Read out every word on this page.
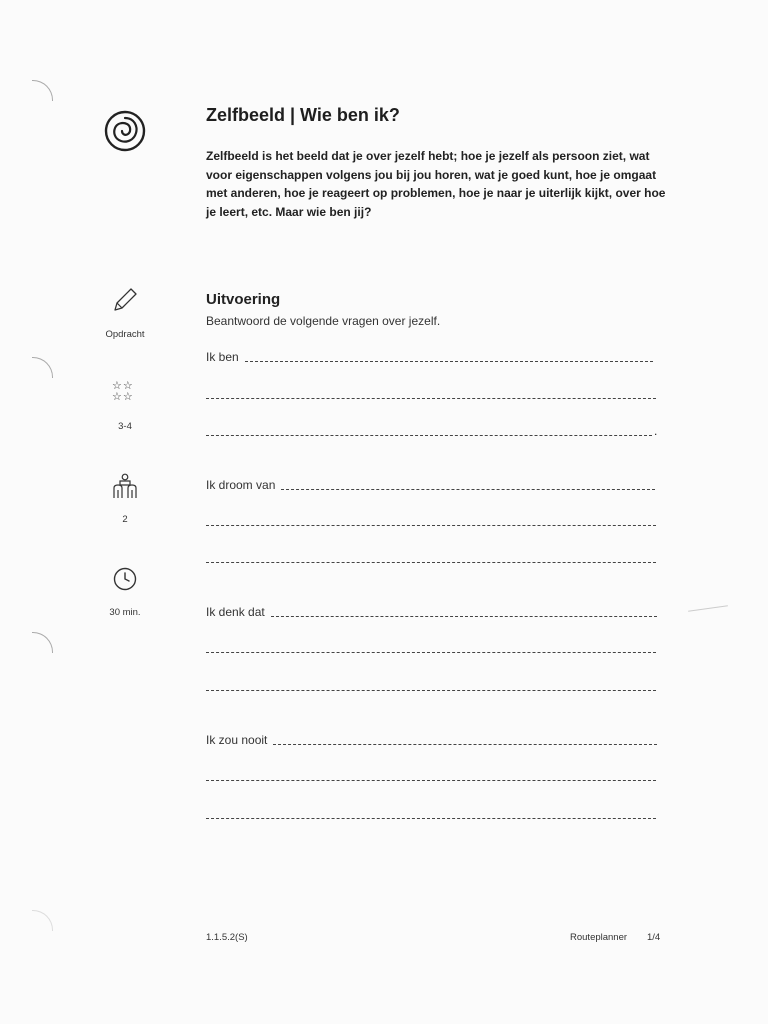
Zelfbeeld | Wie ben ik?
Zelfbeeld is het beeld dat je over jezelf hebt; hoe je jezelf als persoon ziet, wat voor eigenschappen volgens jou bij jou horen, wat je goed kunt, hoe je omgaat met anderen, hoe je reageert op problemen, hoe je naar je uiterlijk kijkt, over hoe je leert, etc. Maar wie ben jij?
Opdracht
☆☆
☆☆
3-4
2
30 min.
Uitvoering
Beantwoord de volgende vragen over jezelf.
Ik ben
.
Ik droom van
Ik denk dat
Ik zou nooit
1.1.5.2(S)	Routeplanner 1/4
